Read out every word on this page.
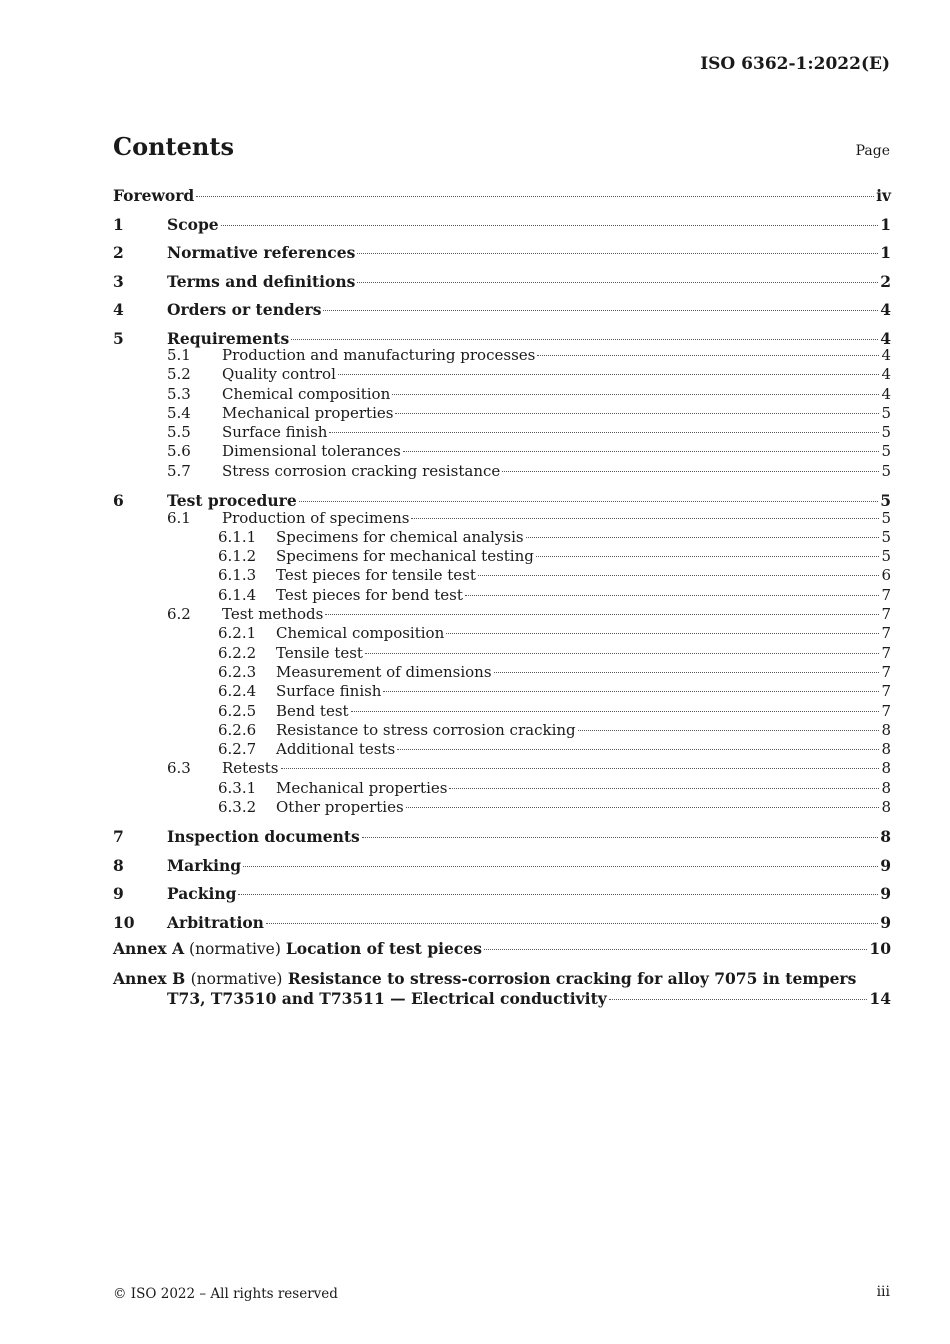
ISO 6362-1:2022(E)
Contents	Page
Foreword	iv
1	Scope	1
2	Normative references	1
3	Terms and definitions	2
4	Orders or tenders	4
5	Requirements	4
5.1	Production and manufacturing processes	4
5.2	Quality control	4
5.3	Chemical composition	4
5.4	Mechanical properties	5
5.5	Surface finish	5
5.6	Dimensional tolerances	5
5.7	Stress corrosion cracking resistance	5
6	Test procedure	5
6.1	Production of specimens	5
6.1.1	Specimens for chemical analysis	5
6.1.2	Specimens for mechanical testing	5
6.1.3	Test pieces for tensile test	6
6.1.4	Test pieces for bend test	7
6.2	Test methods	7
6.2.1	Chemical composition	7
6.2.2	Tensile test	7
6.2.3	Measurement of dimensions	7
6.2.4	Surface finish	7
6.2.5	Bend test	7
6.2.6	Resistance to stress corrosion cracking	8
6.2.7	Additional tests	8
6.3	Retests	8
6.3.1	Mechanical properties	8
6.3.2	Other properties	8
7	Inspection documents	8
8	Marking	9
9	Packing	9
10	Arbitration	9
Annex A (normative) Location of test pieces	10
Annex B (normative) Resistance to stress-corrosion cracking for alloy 7075 in tempers
T73, T73510 and T73511 — Electrical conductivity	14
© ISO 2022 – All rights reserved	iii
